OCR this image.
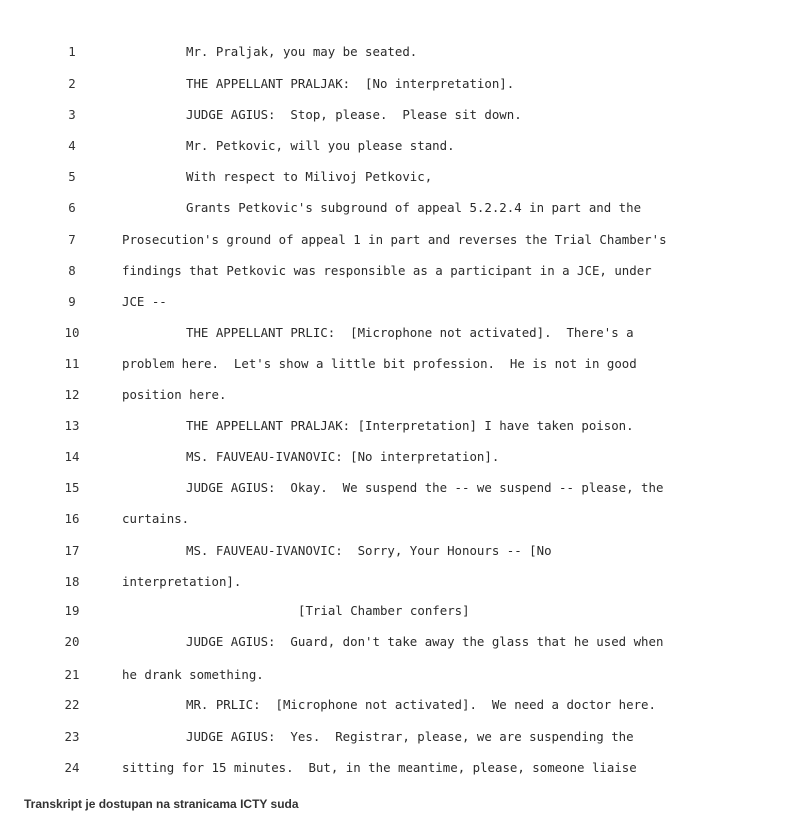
1	Mr. Praljak, you may be seated.
2	THE APPELLANT PRALJAK:  [No interpretation].
3	JUDGE AGIUS:  Stop, please.  Please sit down.
4	Mr. Petkovic, will you please stand.
5	With respect to Milivoj Petkovic,
6	Grants Petkovic's subground of appeal 5.2.2.4 in part and the
7	Prosecution's ground of appeal 1 in part and reverses the Trial Chamber's
8	findings that Petkovic was responsible as a participant in a JCE, under
9	JCE --
10	THE APPELLANT PRLIC:  [Microphone not activated].  There's a
11	problem here.  Let's show a little bit profession.  He is not in good
12	position here.
13	THE APPELLANT PRALJAK: [Interpretation] I have taken poison.
14	MS. FAUVEAU-IVANOVIC: [No interpretation].
15	JUDGE AGIUS:  Okay.  We suspend the -- we suspend -- please, the
16	curtains.
17	MS. FAUVEAU-IVANOVIC:  Sorry, Your Honours -- [No
18	interpretation].
19	[Trial Chamber confers]
20	JUDGE AGIUS:  Guard, don't take away the glass that he used when
21	he drank something.
22	MR. PRLIC:  [Microphone not activated].  We need a doctor here.
23	JUDGE AGIUS:  Yes.  Registrar, please, we are suspending the
24	sitting for 15 minutes.  But, in the meantime, please, someone liaise
Transkript je dostupan na stranicama ICTY suda
